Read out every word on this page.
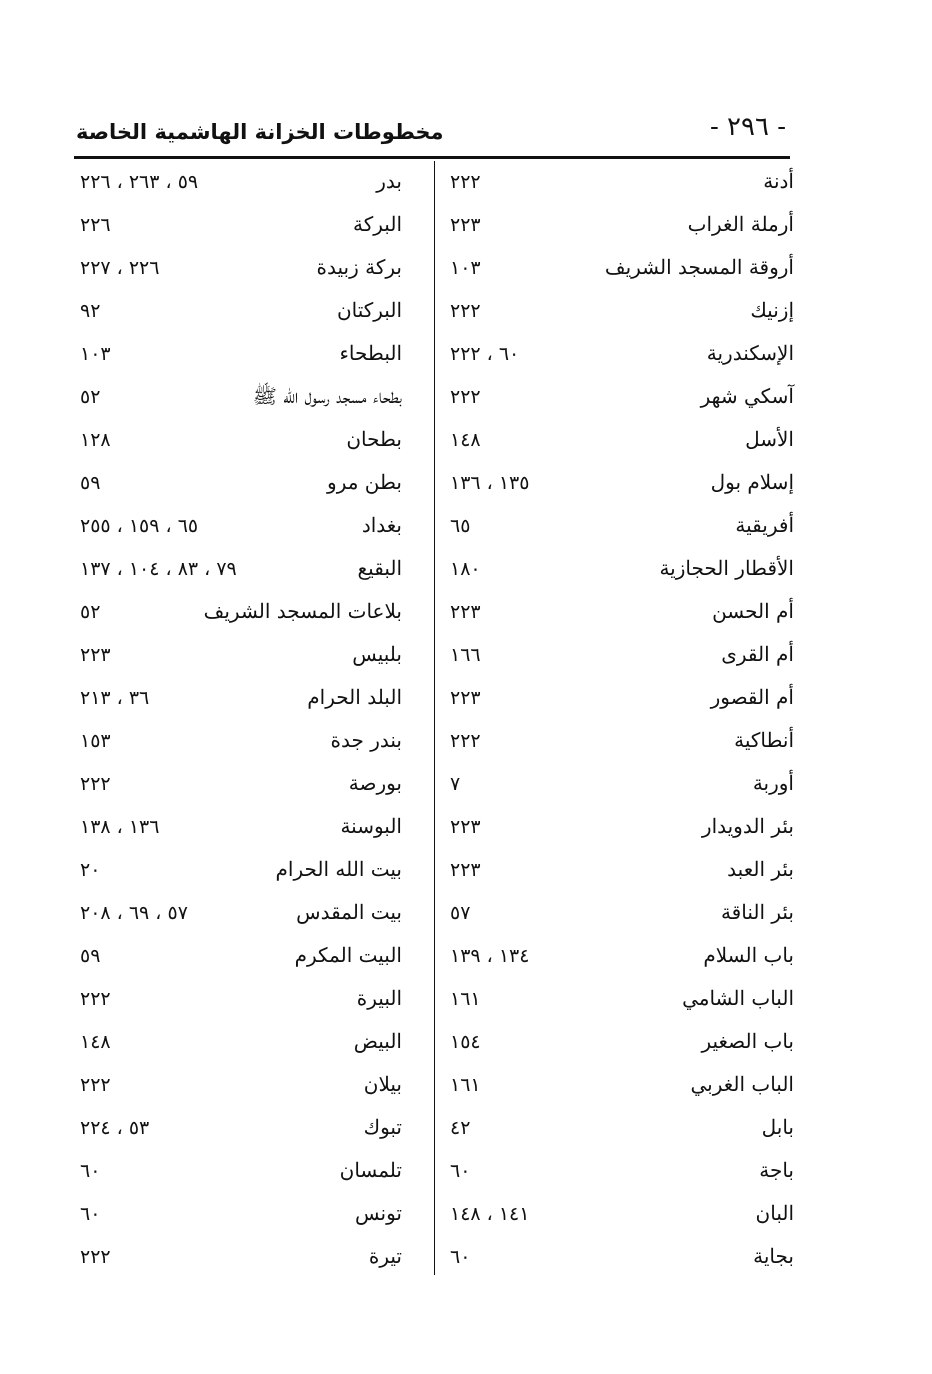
- ٢٩٦ -
مخطوطات الخزانة الهاشمية الخاصة
أدنة
٢٢٢
أرملة الغراب
٢٢٣
أروقة المسجد الشريف
١٠٣
إزنيك
٢٢٢
الإسكندرية
٦٠ ، ٢٢٢
آسكي شهر
٢٢٢
الأسل
١٤٨
إسلام بول
١٣٥ ، ١٣٦
أفريقية
٦٥
الأقطار الحجازية
١٨٠
أم الحسن
٢٢٣
أم القرى
١٦٦
أم القصور
٢٢٣
أنطاكية
٢٢٢
أوربة
٧
بئر الدويدار
٢٢٣
بئر العبد
٢٢٣
بئر الناقة
٥٧
باب السلام
١٣٤ ، ١٣٩
الباب الشامي
١٦١
باب الصغير
١٥٤
الباب الغربي
١٦١
بابل
٤٢
باجة
٦٠
البان
١٤١ ، ١٤٨
بجاية
٦٠
بدر
٥٩ ، ٢٦٣ ، ٢٢٦
البركة
٢٢٦
بركة زبيدة
٢٢٦ ، ٢٢٧
البركتان
٩٢
البطحاء
١٠٣
بطحاء مسجد رسول الله ﷺ
٥٢
بطحان
١٢٨
بطن مرو
٥٩
بغداد
٦٥ ، ١٥٩ ، ٢٥٥
البقيع
٧٩ ، ٨٣ ، ١٠٤ ، ١٣٧
بلاعات المسجد الشريف
٥٢
بلبيس
٢٢٣
البلد الحرام
٣٦ ، ٢١٣
بندر جدة
١٥٣
بورصة
٢٢٢
البوسنة
١٣٦ ، ١٣٨
بيت الله الحرام
٢٠
بيت المقدس
٥٧ ، ٦٩ ، ٢٠٨
البيت المكرم
٥٩
البيرة
٢٢٢
البيض
١٤٨
بيلان
٢٢٢
تبوك
٥٣ ، ٢٢٤
تلمسان
٦٠
تونس
٦٠
تيرة
٢٢٢
